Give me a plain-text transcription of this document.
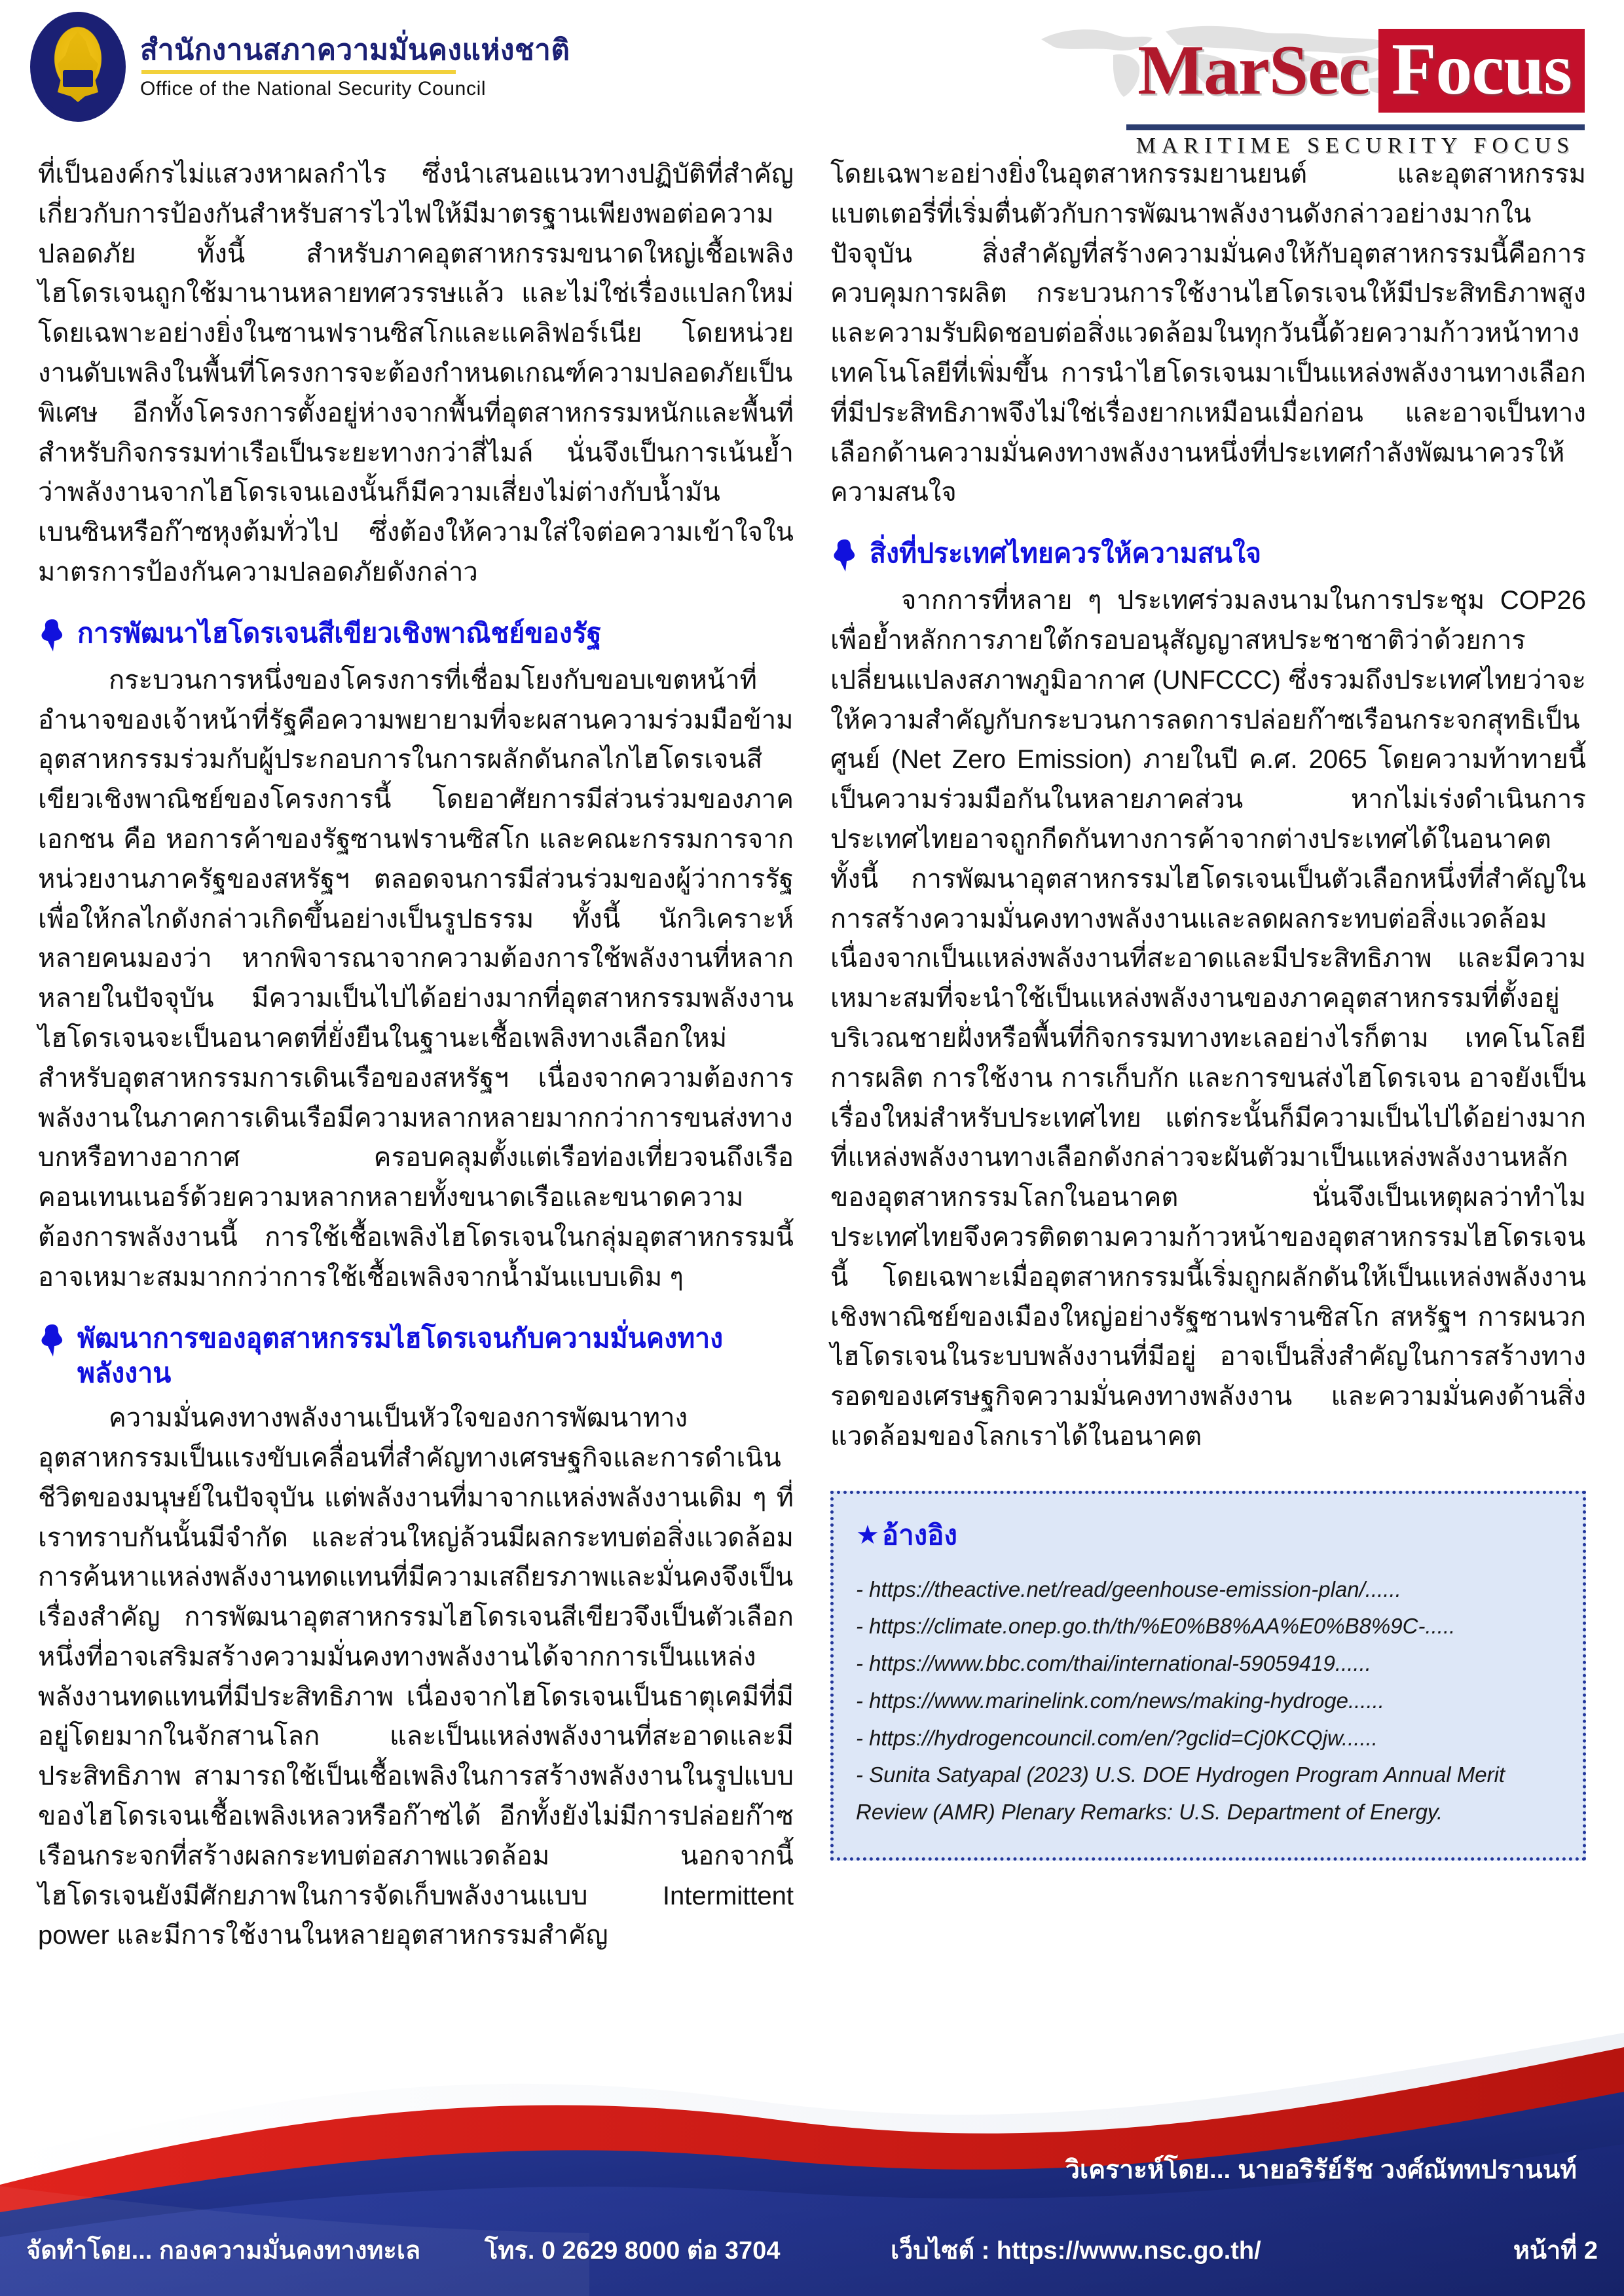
สำนักงานสภาความมั่นคงแห่งชาติ
Office of the National Security Council	MarSec Focus
MARITIME SECURITY FOCUS

ที่เป็นองค์กรไม่แสวงหาผลกำไร ซึ่งนำเสนอแนวทางปฏิบัติที่สำคัญเกี่ยวกับการป้องกันสำหรับสารไวไฟให้มีมาตรฐานเพียงพอต่อความปลอดภัย ทั้งนี้ สำหรับภาคอุตสาหกรรมขนาดใหญ่เชื้อเพลิงไฮโดรเจนถูกใช้มานานหลายทศวรรษแล้ว และไม่ใช่เรื่องแปลกใหม่ โดยเฉพาะอย่างยิ่งในซานฟรานซิสโกและแคลิฟอร์เนีย โดยหน่วยงานดับเพลิงในพื้นที่โครงการจะต้องกำหนดเกณฑ์ความปลอดภัยเป็นพิเศษ อีกทั้งโครงการตั้งอยู่ห่างจากพื้นที่อุตสาหกรรมหนักและพื้นที่สำหรับกิจกรรมท่าเรือเป็นระยะทางกว่าสี่ไมล์ นั่นจึงเป็นการเน้นย้ำว่าพลังงานจากไฮโดรเจนเองนั้นก็มีความเสี่ยงไม่ต่างกับน้ำมันเบนซินหรือก๊าซหุงต้มทั่วไป ซึ่งต้องให้ความใส่ใจต่อความเข้าใจในมาตรการป้องกันความปลอดภัยดังกล่าว

การพัฒนาไฮโดรเจนสีเขียวเชิงพาณิชย์ของรัฐ

กระบวนการหนึ่งของโครงการที่เชื่อมโยงกับขอบเขตหน้าที่อำนาจของเจ้าหน้าที่รัฐคือความพยายามที่จะผสานความร่วมมือข้ามอุตสาหกรรมร่วมกับผู้ประกอบการในการผลักดันกลไกไฮโดรเจนสีเขียวเชิงพาณิชย์ของโครงการนี้ โดยอาศัยการมีส่วนร่วมของภาคเอกชน คือ หอการค้าของรัฐซานฟรานซิสโก และคณะกรรมการจากหน่วยงานภาครัฐของสหรัฐฯ ตลอดจนการมีส่วนร่วมของผู้ว่าการรัฐ เพื่อให้กลไกดังกล่าวเกิดขึ้นอย่างเป็นรูปธรรม ทั้งนี้ นักวิเคราะห์หลายคนมองว่า หากพิจารณาจากความต้องการใช้พลังงานที่หลากหลายในปัจจุบัน มีความเป็นไปได้อย่างมากที่อุตสาหกรรมพลังงานไฮโดรเจนจะเป็นอนาคตที่ยั่งยืนในฐานะเชื้อเพลิงทางเลือกใหม่สำหรับอุตสาหกรรมการเดินเรือของสหรัฐฯ เนื่องจากความต้องการพลังงานในภาคการเดินเรือมีความหลากหลายมากกว่าการขนส่งทางบกหรือทางอากาศ ครอบคลุมตั้งแต่เรือท่องเที่ยวจนถึงเรือคอนเทนเนอร์ด้วยความหลากหลายทั้งขนาดเรือและขนาดความต้องการพลังงานนี้ การใช้เชื้อเพลิงไฮโดรเจนในกลุ่มอุตสาหกรรมนี้อาจเหมาะสมมากกว่าการใช้เชื้อเพลิงจากน้ำมันแบบเดิม ๆ

พัฒนาการของอุตสาหกรรมไฮโดรเจนกับความมั่นคงทางพลังงาน

ความมั่นคงทางพลังงานเป็นหัวใจของการพัฒนาทางอุตสาหกรรมเป็นแรงขับเคลื่อนที่สำคัญทางเศรษฐกิจและการดำเนินชีวิตของมนุษย์ในปัจจุบัน แต่พลังงานที่มาจากแหล่งพลังงานเดิม ๆ ที่เราทราบกันนั้นมีจำกัด และส่วนใหญ่ล้วนมีผลกระทบต่อสิ่งแวดล้อม การค้นหาแหล่งพลังงานทดแทนที่มีความเสถียรภาพและมั่นคงจึงเป็นเรื่องสำคัญ การพัฒนาอุตสาหกรรมไฮโดรเจนสีเขียวจึงเป็นตัวเลือกหนึ่งที่อาจเสริมสร้างความมั่นคงทางพลังงานได้จากการเป็นแหล่งพลังงานทดแทนที่มีประสิทธิภาพ เนื่องจากไฮโดรเจนเป็นธาตุเคมีที่มีอยู่โดยมากในจักสานโลก และเป็นแหล่งพลังงานที่สะอาดและมีประสิทธิภาพ สามารถใช้เป็นเชื้อเพลิงในการสร้างพลังงานในรูปแบบของไฮโดรเจนเชื้อเพลิงเหลวหรือก๊าซได้ อีกทั้งยังไม่มีการปล่อยก๊าซเรือนกระจกที่สร้างผลกระทบต่อสภาพแวดล้อม นอกจากนี้ ไฮโดรเจนยังมีศักยภาพในการจัดเก็บพลังงานแบบ Intermittent power และมีการใช้งานในหลายอุตสาหกรรมสำคัญ

โดยเฉพาะอย่างยิ่งในอุตสาหกรรมยานยนต์ และอุตสาหกรรมแบตเตอรี่ที่เริ่มตื่นตัวกับการพัฒนาพลังงานดังกล่าวอย่างมากในปัจจุบัน สิ่งสำคัญที่สร้างความมั่นคงให้กับอุตสาหกรรมนี้คือการควบคุมการผลิต กระบวนการใช้งานไฮโดรเจนให้มีประสิทธิภาพสูง และความรับผิดชอบต่อสิ่งแวดล้อมในทุกวันนี้ด้วยความก้าวหน้าทางเทคโนโลยีที่เพิ่มขึ้น การนำไฮโดรเจนมาเป็นแหล่งพลังงานทางเลือกที่มีประสิทธิภาพจึงไม่ใช่เรื่องยากเหมือนเมื่อก่อน และอาจเป็นทางเลือกด้านความมั่นคงทางพลังงานหนึ่งที่ประเทศกำลังพัฒนาควรให้ความสนใจ

สิ่งที่ประเทศไทยควรให้ความสนใจ

จากการที่หลาย ๆ ประเทศร่วมลงนามในการประชุม COP26 เพื่อย้ำหลักการภายใต้กรอบอนุสัญญาสหประชาชาติว่าด้วยการเปลี่ยนแปลงสภาพภูมิอากาศ (UNFCCC) ซึ่งรวมถึงประเทศไทยว่าจะให้ความสำคัญกับกระบวนการลดการปล่อยก๊าซเรือนกระจกสุทธิเป็นศูนย์ (Net Zero Emission) ภายในปี ค.ศ. 2065 โดยความท้าทายนี้เป็นความร่วมมือกันในหลายภาคส่วน หากไม่เร่งดำเนินการประเทศไทยอาจถูกกีดกันทางการค้าจากต่างประเทศได้ในอนาคต ทั้งนี้ การพัฒนาอุตสาหกรรมไฮโดรเจนเป็นตัวเลือกหนึ่งที่สำคัญในการสร้างความมั่นคงทางพลังงานและลดผลกระทบต่อสิ่งแวดล้อม เนื่องจากเป็นแหล่งพลังงานที่สะอาดและมีประสิทธิภาพ และมีความเหมาะสมที่จะนำใช้เป็นแหล่งพลังงานของภาคอุตสาหกรรมที่ตั้งอยู่บริเวณชายฝั่งหรือพื้นที่กิจกรรมทางทะเลอย่างไรก็ตาม เทคโนโลยีการผลิต การใช้งาน การเก็บกัก และการขนส่งไฮโดรเจน อาจยังเป็นเรื่องใหม่สำหรับประเทศไทย แต่กระนั้นก็มีความเป็นไปได้อย่างมากที่แหล่งพลังงานทางเลือกดังกล่าวจะผันตัวมาเป็นแหล่งพลังงานหลักของอุตสาหกรรมโลกในอนาคต นั่นจึงเป็นเหตุผลว่าทำไมประเทศไทยจึงควรติดตามความก้าวหน้าของอุตสาหกรรมไฮโดรเจนนี้ โดยเฉพาะเมื่ออุตสาหกรรมนี้เริ่มถูกผลักดันให้เป็นแหล่งพลังงานเชิงพาณิชย์ของเมืองใหญ่อย่างรัฐซานฟรานซิสโก สหรัฐฯ การผนวกไฮโดรเจนในระบบพลังงานที่มีอยู่ อาจเป็นสิ่งสำคัญในการสร้างทางรอดของเศรษฐกิจความมั่นคงทางพลังงาน และความมั่นคงด้านสิ่งแวดล้อมของโลกเราได้ในอนาคต

★ อ้างอิง
- https://theactive.net/read/geenhouse-emission-plan/......
- https://climate.onep.go.th/th/%E0%B8%AA%E0%B8%9C-.....
- https://www.bbc.com/thai/international-59059419......
- https://www.marinelink.com/news/making-hydroge......
- https://hydrogencouncil.com/en/?gclid=Cj0KCQjw......
- Sunita Satyapal (2023) U.S. DOE Hydrogen Program Annual Merit Review (AMR) Plenary Remarks: U.S. Department of Energy.
วิเคราะห์โดย... นายอริรัย์รัช วงศ์ณัททปรานนท์
จัดทำโดย... กองความมั่นคงทางทะเล	โทร. 0 2629 8000 ต่อ 3704	เว็บไซต์ : https://www.nsc.go.th/	หน้าที่ 2
